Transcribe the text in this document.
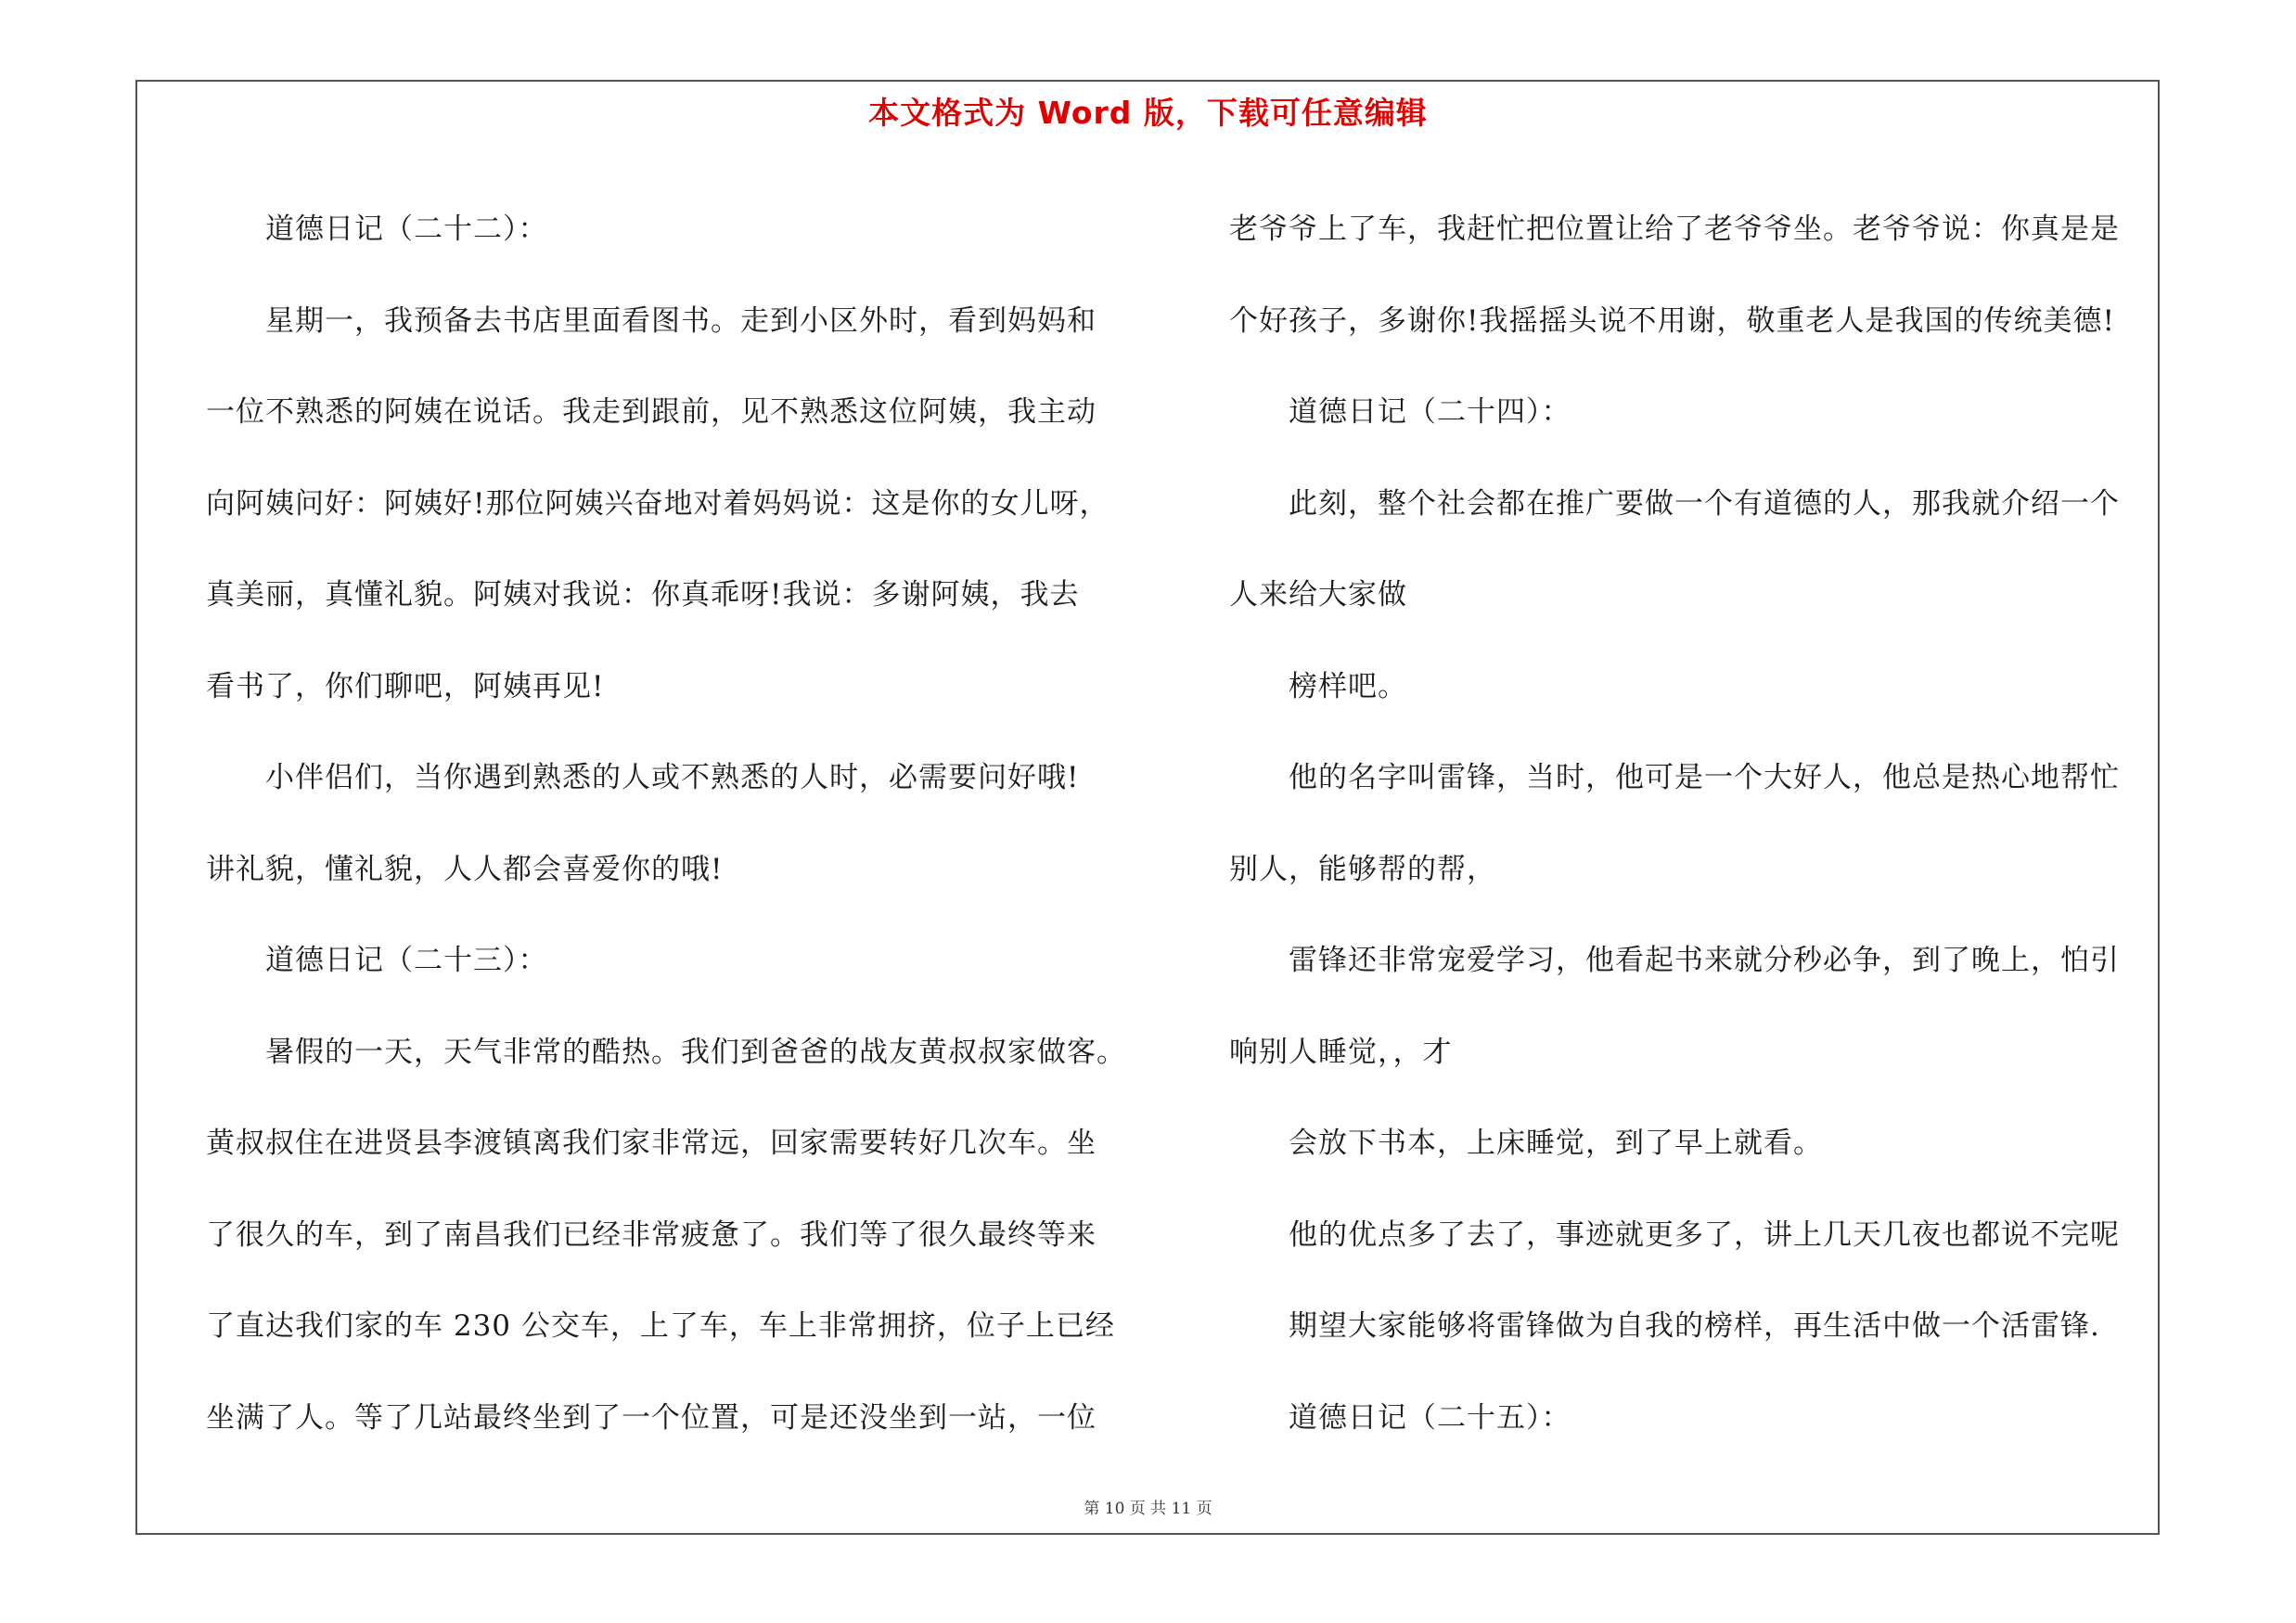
本文格式为 Word 版，下载可任意编辑
道德日记（二十二）：
星期一，我预备去书店里面看图书。走到小区外时，看到妈妈和
一位不熟悉的阿姨在说话。我走到跟前，见不熟悉这位阿姨，我主动
向阿姨问好：阿姨好!那位阿姨兴奋地对着妈妈说：这是你的女儿呀，
真美丽，真懂礼貌。阿姨对我说：你真乖呀!我说：多谢阿姨，我去
看书了，你们聊吧，阿姨再见!
小伴侣们，当你遇到熟悉的人或不熟悉的人时，必需要问好哦!
讲礼貌，懂礼貌，人人都会喜爱你的哦!
道德日记（二十三）：
暑假的一天，天气非常的酷热。我们到爸爸的战友黄叔叔家做客。
黄叔叔住在进贤县李渡镇离我们家非常远，回家需要转好几次车。坐
了很久的车，到了南昌我们已经非常疲惫了。我们等了很久最终等来
了直达我们家的车 230 公交车，上了车，车上非常拥挤，位子上已经
坐满了人。等了几站最终坐到了一个位置，可是还没坐到一站，一位
老爷爷上了车，我赶忙把位置让给了老爷爷坐。老爷爷说：你真是是
个好孩子，多谢你!我摇摇头说不用谢，敬重老人是我国的传统美德!
道德日记（二十四）：
此刻，整个社会都在推广要做一个有道德的人，那我就介绍一个
人来给大家做
榜样吧。
他的名字叫雷锋，当时，他可是一个大好人，他总是热心地帮忙
别人，能够帮的帮，
雷锋还非常宠爱学习，他看起书来就分秒必争，到了晚上，怕引
响别人睡觉，，才
会放下书本，上床睡觉，到了早上就看。
他的优点多了去了，事迹就更多了，讲上几天几夜也都说不完呢
期望大家能够将雷锋做为自我的榜样，再生活中做一个活雷锋.
道德日记（二十五）：
第 10 页 共 11 页
